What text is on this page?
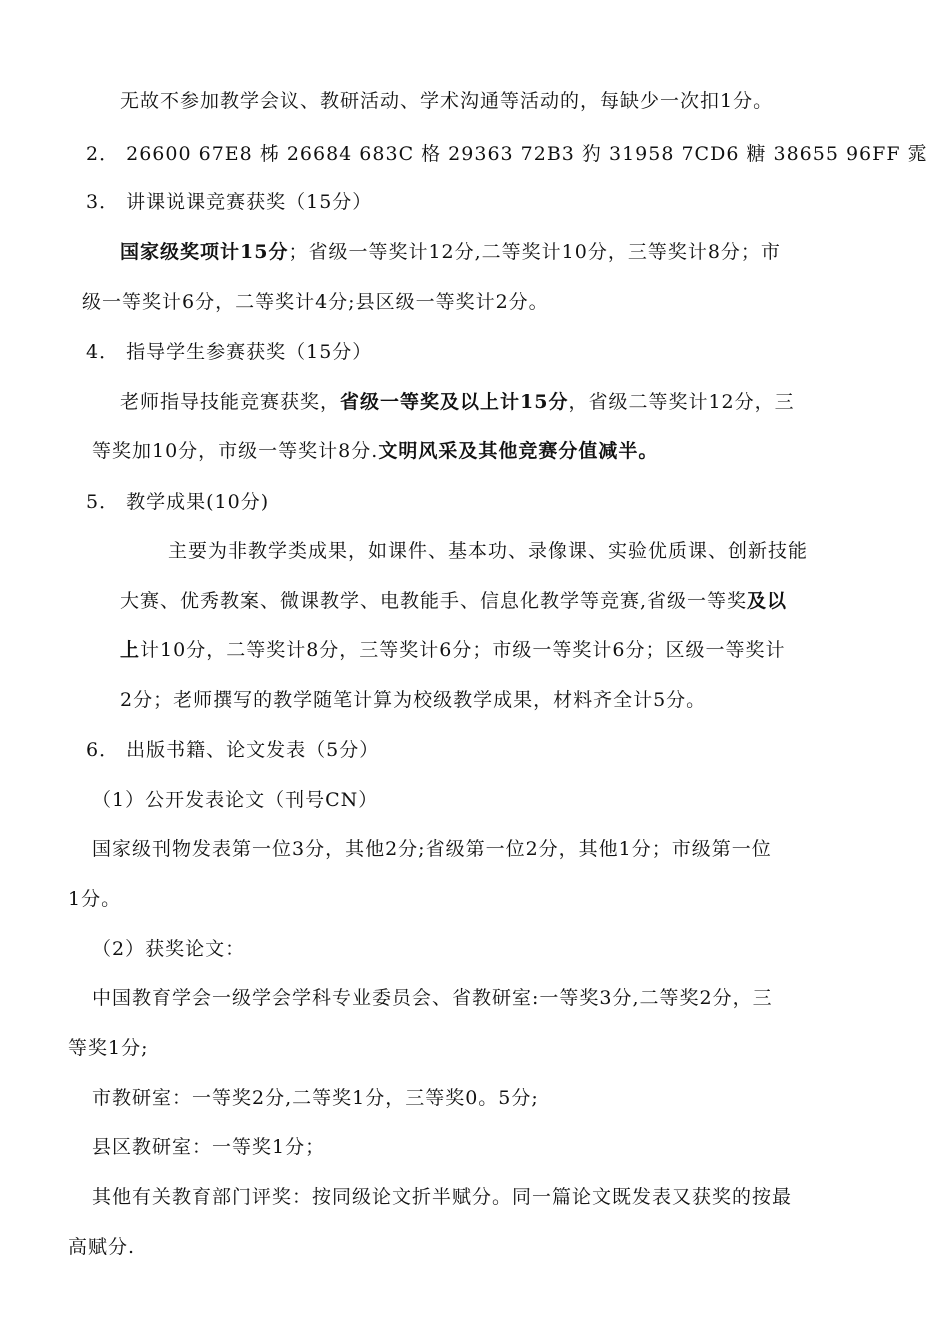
无故不参加教学会议、教研活动、学术沟通等活动的，每缺少一次扣1分。
2． 26600 67E8 柹 26684 683C 格 29363 72B3 犳 31958 7CD6 糖 38655 96FF 雿
3． 讲课说课竞赛获奖（15分）
国家级奖项计15分；省级一等奖计12分,二等奖计10分，三等奖计8分；市
级一等奖计6分，二等奖计4分;县区级一等奖计2分。
4． 指导学生参赛获奖（15分）
老师指导技能竞赛获奖，省级一等奖及以上计15分，省级二等奖计12分，三
等奖加10分，市级一等奖计8分.文明风采及其他竞赛分值减半。
5． 教学成果(10分)
主要为非教学类成果，如课件、基本功、录像课、实验优质课、创新技能
大赛、优秀教案、微课教学、电教能手、信息化教学等竞赛,省级一等奖及以
上计10分，二等奖计8分，三等奖计6分；市级一等奖计6分；区级一等奖计
2分；老师撰写的教学随笔计算为校级教学成果，材料齐全计5分。
6． 出版书籍、论文发表（5分）
（1）公开发表论文（刊号CN）
国家级刊物发表第一位3分，其他2分;省级第一位2分，其他1分；市级第一位
1分。
（2）获奖论文：
中国教育学会一级学会学科专业委员会、省教研室:一等奖3分,二等奖2分，三
等奖1分;
市教研室：一等奖2分,二等奖1分，三等奖0。5分;
县区教研室：一等奖1分；
其他有关教育部门评奖：按同级论文折半赋分。同一篇论文既发表又获奖的按最
高赋分.
